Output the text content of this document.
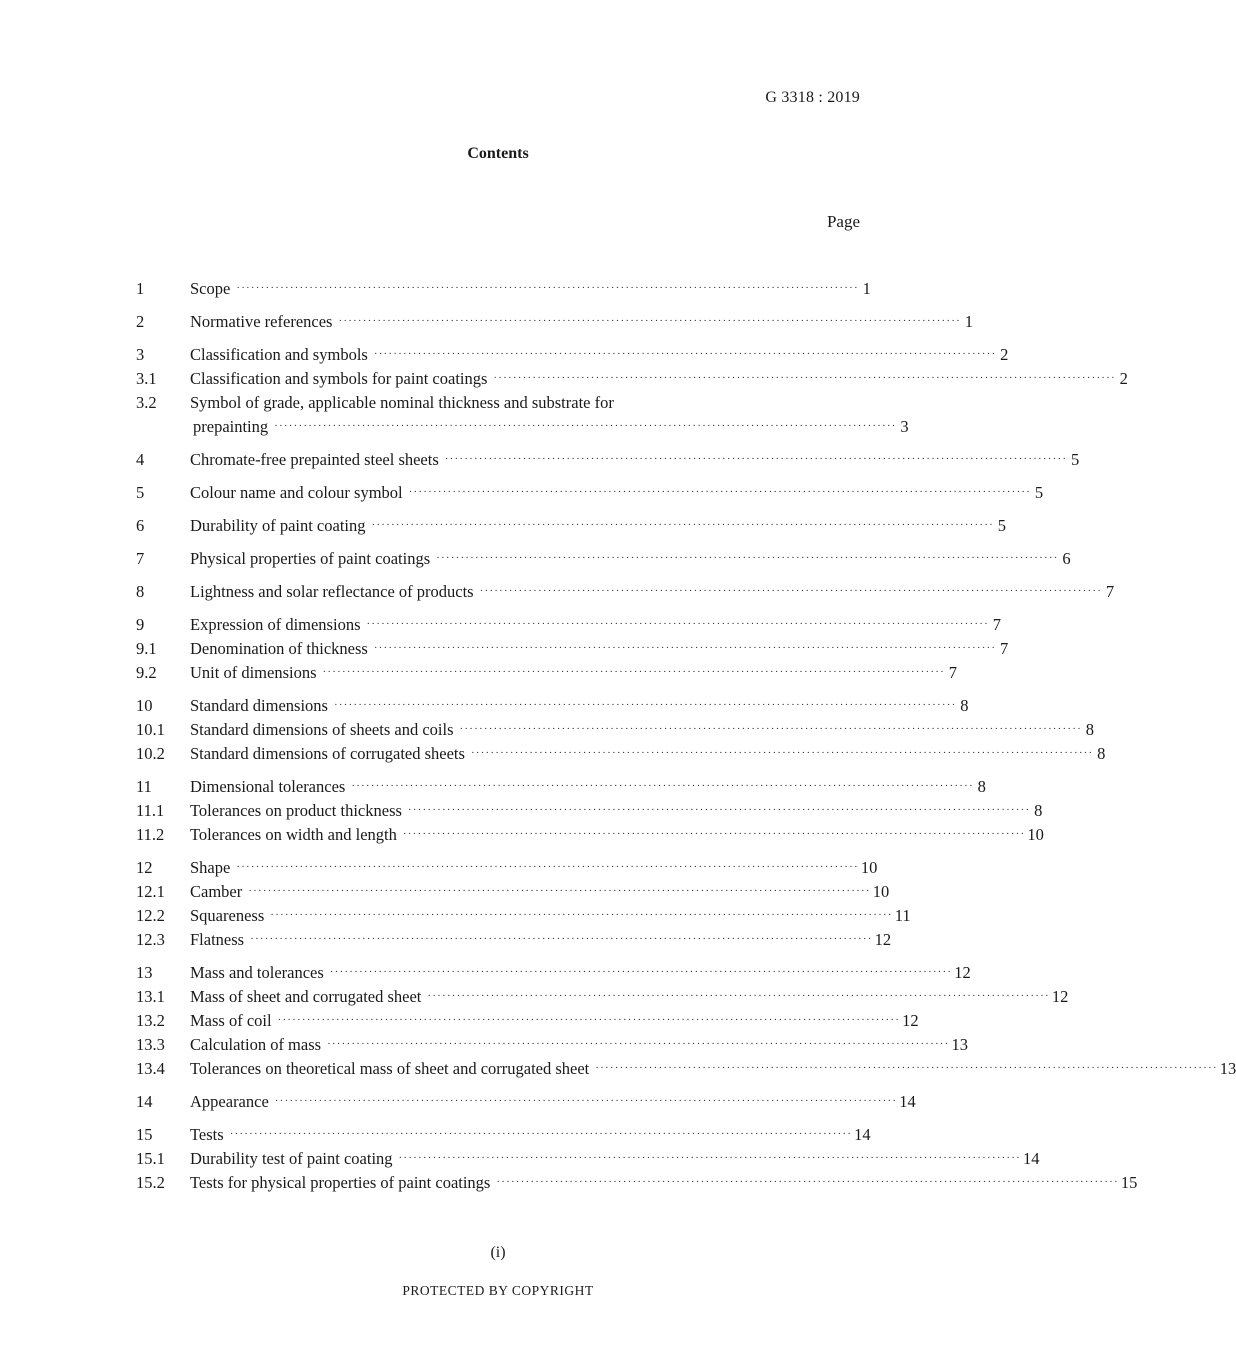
G 3318 : 2019
Contents
Page
1	Scope ································································································································ 1
2	Normative references ································································································································ 1
3	Classification and symbols ································································································································ 2
3.1	Classification and symbols for paint coatings ································································································································ 2
3.2	Symbol of grade, applicable nominal thickness and substrate for
prepainting ································································································································ 3
4	Chromate-free prepainted steel sheets ································································································································ 5
5	Colour name and colour symbol ································································································································ 5
6	Durability of paint coating ································································································································ 5
7	Physical properties of paint coatings ································································································································ 6
8	Lightness and solar reflectance of products ································································································································ 7
9	Expression of dimensions ································································································································ 7
9.1	Denomination of thickness ································································································································ 7
9.2	Unit of dimensions ································································································································ 7
10	Standard dimensions ································································································································ 8
10.1	Standard dimensions of sheets and coils ································································································································ 8
10.2	Standard dimensions of corrugated sheets ································································································································ 8
11	Dimensional tolerances ································································································································ 8
11.1	Tolerances on product thickness ································································································································ 8
11.2	Tolerances on width and length ································································································································ 10
12	Shape ································································································································ 10
12.1	Camber ································································································································ 10
12.2	Squareness ································································································································ 11
12.3	Flatness ································································································································ 12
13	Mass and tolerances ································································································································ 12
13.1	Mass of sheet and corrugated sheet ································································································································ 12
13.2	Mass of coil ································································································································ 12
13.3	Calculation of mass ································································································································ 13
13.4	Tolerances on theoretical mass of sheet and corrugated sheet ································································································································ 13
14	Appearance ································································································································ 14
15	Tests ································································································································ 14
15.1	Durability test of paint coating ································································································································ 14
15.2	Tests for physical properties of paint coatings ································································································································ 15
(i)
PROTECTED BY COPYRIGHT
